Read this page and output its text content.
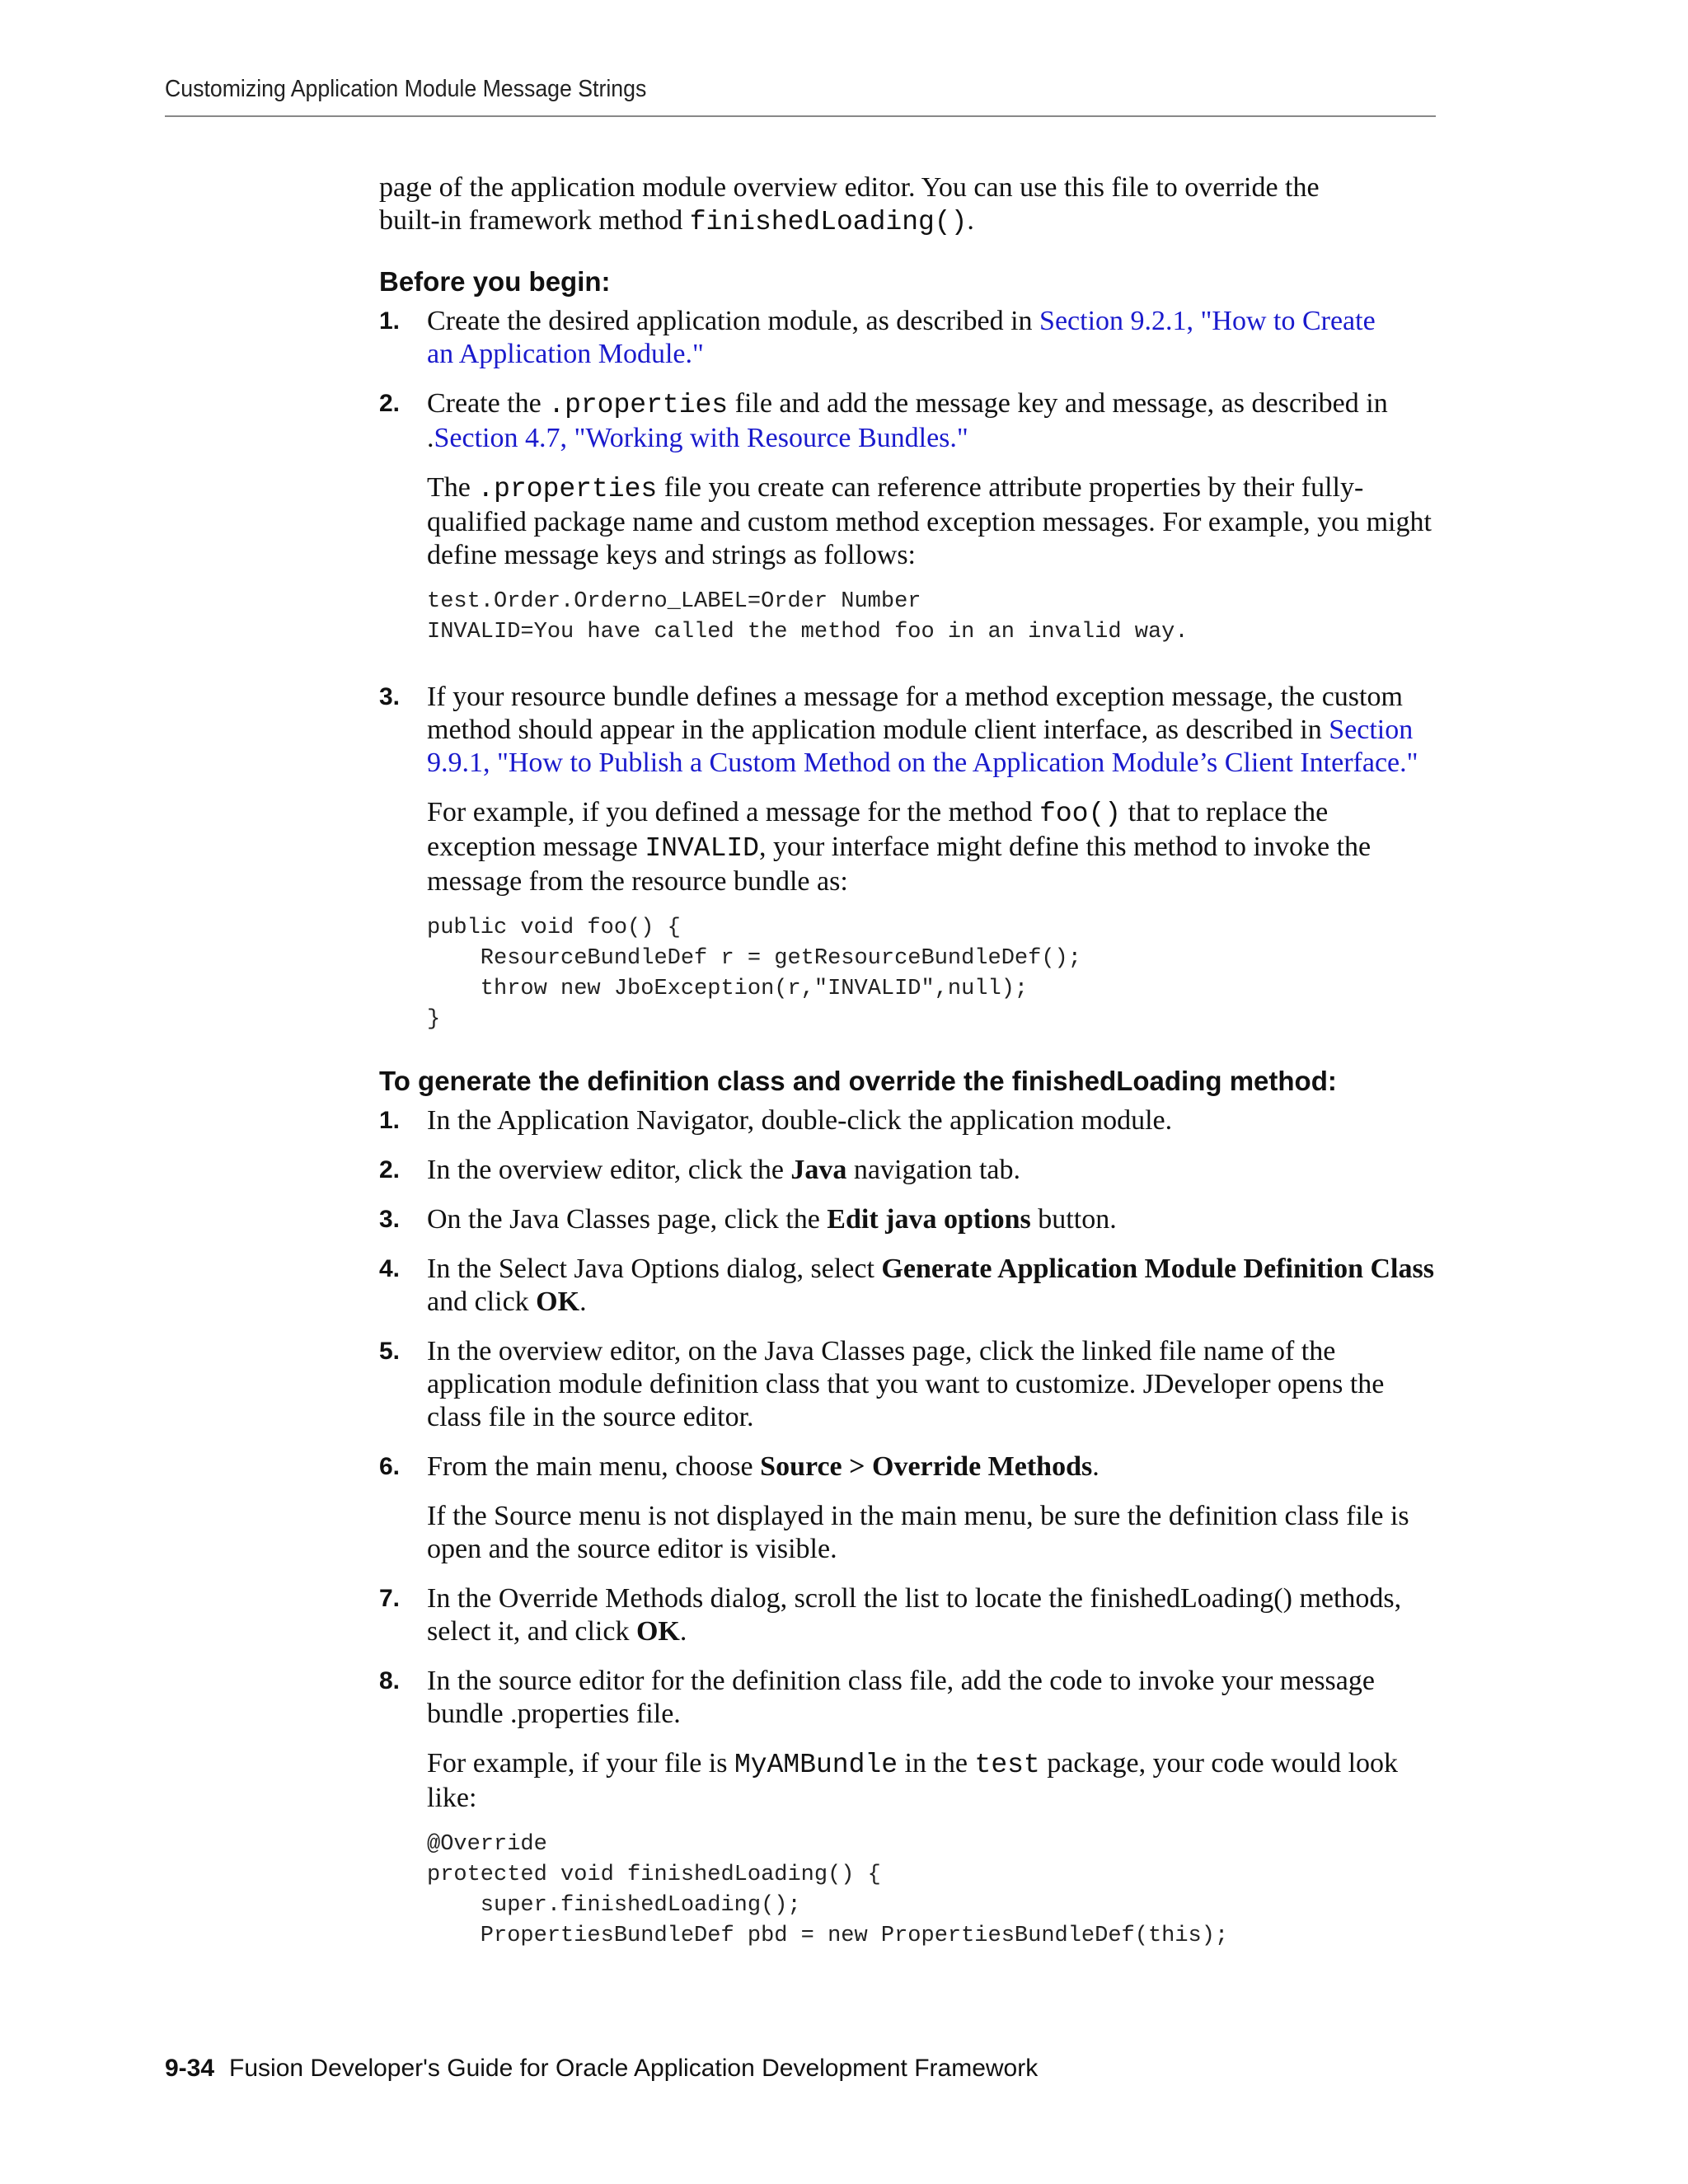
Customizing Application Module Message Strings

page of the application module overview editor. You can use this file to override the
built-in framework method finishedLoading().

Before you begin:
1. Create the desired application module, as described in Section 9.2.1, "How to Create an Application Module."

2. Create the .properties file and add the message key and message, as described in .Section 4.7, "Working with Resource Bundles."

The .properties file you create can reference attribute properties by their fully-qualified package name and custom method exception messages. For example, you might define message keys and strings as follows:

test.Order.Orderno_LABEL=Order Number
INVALID=You have called the method foo in an invalid way.
3. If your resource bundle defines a message for a method exception message, the custom method should appear in the application module client interface, as described in Section 9.9.1, "How to Publish a Custom Method on the Application Module’s Client Interface."

For example, if you defined a message for the method foo() that to replace the exception message INVALID, your interface might define this method to invoke the message from the resource bundle as:

public void foo() {
ResourceBundleDef r = getResourceBundleDef();
throw new JboException(r,"INVALID",null);
}
To generate the definition class and override the finishedLoading method:
1. In the Application Navigator, double-click the application module.

2. In the overview editor, click the Java navigation tab.

3. On the Java Classes page, click the Edit java options button.

4. In the Select Java Options dialog, select Generate Application Module Definition Class and click OK.

5. In the overview editor, on the Java Classes page, click the linked file name of the application module definition class that you want to customize. JDeveloper opens the class file in the source editor.

6. From the main menu, choose Source > Override Methods.

If the Source menu is not displayed in the main menu, be sure the definition class file is open and the source editor is visible.

7. In the Override Methods dialog, scroll the list to locate the finishedLoading() methods, select it, and click OK.

8. In the source editor for the definition class file, add the code to invoke your message bundle .properties file.

For example, if your file is MyAMBundle in the test package, your code would look like:

@Override
protected void finishedLoading() {
super.finishedLoading();
PropertiesBundleDef pbd = new PropertiesBundleDef(this);
9-34 Fusion Developer's Guide for Oracle Application Development Framework
